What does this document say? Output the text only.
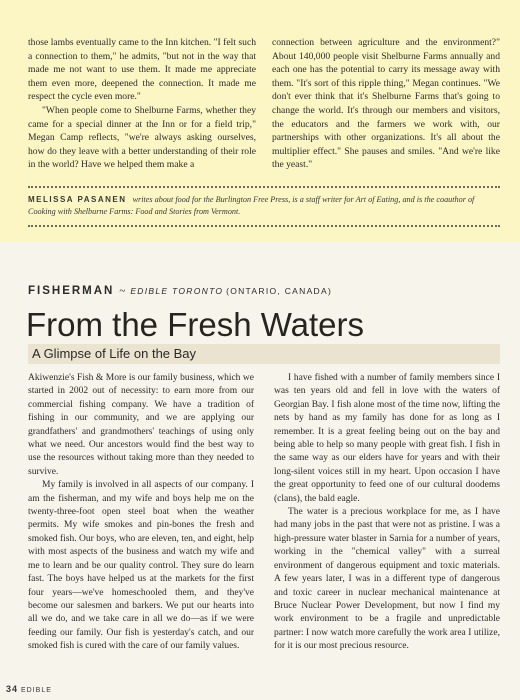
those lambs eventually came to the Inn kitchen. "I felt such a connection to them," he admits, "but not in the way that made me not want to use them. It made me appreciate them even more, deepened the connection. It made me respect the cycle even more."

"When people come to Shelburne Farms, whether they came for a special dinner at the Inn or for a field trip," Megan Camp reflects, "we're always asking ourselves, how do they leave with a better understanding of their role in the world? Have we helped them make a

connection between agriculture and the environment?" About 140,000 people visit Shelburne Farms annually and each one has the potential to carry its message away with them. "It's sort of this ripple thing," Megan continues. "We don't ever think that it's Shelburne Farms that's going to change the world. It's through our members and visitors, the educators and the farmers we work with, our partnerships with other organizations. It's all about the multiplier effect." She pauses and smiles. "And we're like the yeast."

MELISSA PASANEN writes about food for the Burlington Free Press, is a staff writer for Art of Eating, and is the coauthor of Cooking with Shelburne Farms: Food and Stories from Vermont.
FISHERMAN ~ EDIBLE TORONTO (ONTARIO, CANADA)
From the Fresh Waters
A Glimpse of Life on the Bay

Akiwenzie's Fish & More is our family business, which we started in 2002 out of necessity: to earn more from our commercial fishing company. We have a tradition of fishing in our community, and we are applying our grandfathers' and grandmothers' teachings of using only what we need. Our ancestors would find the best way to use the resources without taking more than they needed to survive.

My family is involved in all aspects of our company. I am the fisherman, and my wife and boys help me on the twenty-three-foot open steel boat when the weather permits. My wife smokes and pin-bones the fresh and smoked fish. Our boys, who are eleven, ten, and eight, help with most aspects of the business and watch my wife and me to learn and be our quality control. They sure do learn fast. The boys have helped us at the markets for the first four years—we've homeschooled them, and they've become our salesmen and barkers. We put our hearts into all we do, and we take care in all we do—as if we were feeding our family. Our fish is yesterday's catch, and our smoked fish is cured with the care of our family values.

I have fished with a number of family members since I was ten years old and fell in love with the waters of Georgian Bay. I fish alone most of the time now, lifting the nets by hand as my family has done for as long as I remember. It is a great feeling being out on the bay and being able to help so many people with great fish. I fish in the same way as our elders have for years and with their long-silent voices still in my heart. Upon occasion I have the great opportunity to feed one of our cultural doodems (clans), the bald eagle.

The water is a precious workplace for me, as I have had many jobs in the past that were not as pristine. I was a high-pressure water blaster in Sarnia for a number of years, working in the "chemical valley" with a surreal environment of dangerous equipment and toxic materials. A few years later, I was in a different type of dangerous and toxic career in nuclear mechanical maintenance at Bruce Nuclear Power Development, but now I find my work environment to be a fragile and unpredictable partner: I now watch more carefully the work area I utilize, for it is our most precious resource.

34 EDIBLE
